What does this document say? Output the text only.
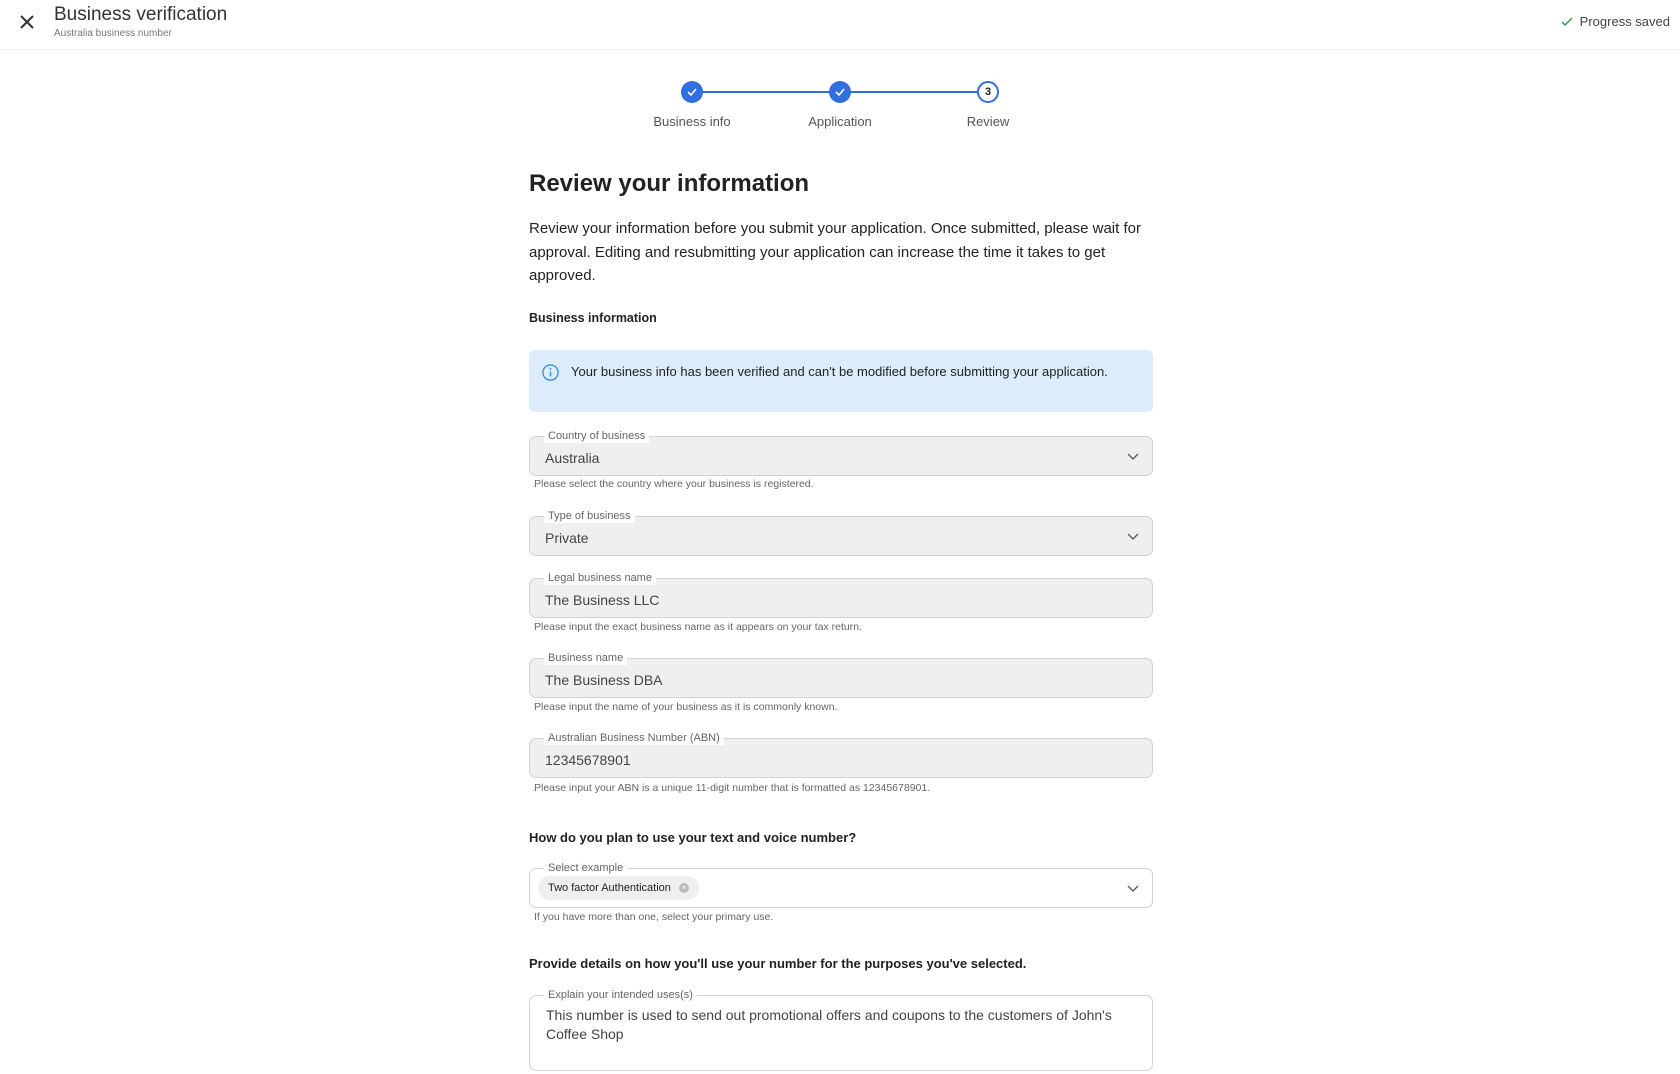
Business verification
Australia business number
Progress saved
3
Business info	Application	Review
Review your information

Review your information before you submit your application. Once submitted, please wait for approval. Editing and resubmitting your application can increase the time it takes to get approved.

Business information
Your business info has been verified and can't be modified before submitting your application.
Country of business
Australia
Please select the country where your business is registered.
Type of business
Private
Legal business name
The Business LLC
Please input the exact business name as it appears on your tax return.
Business name
The Business DBA
Please input the name of your business as it is commonly known.
Australian Business Number (ABN)
12345678901
Please input your ABN is a unique 11-digit number that is formatted as 12345678901.
How do you plan to use your text and voice number?
Select example
Two factor Authentication	×
If you have more than one, select your primary use.
Provide details on how you'll use your number for the purposes you've selected.
Explain your intended uses(s)
This number is used to send out promotional offers and coupons to the customers of John's Coffee Shop
